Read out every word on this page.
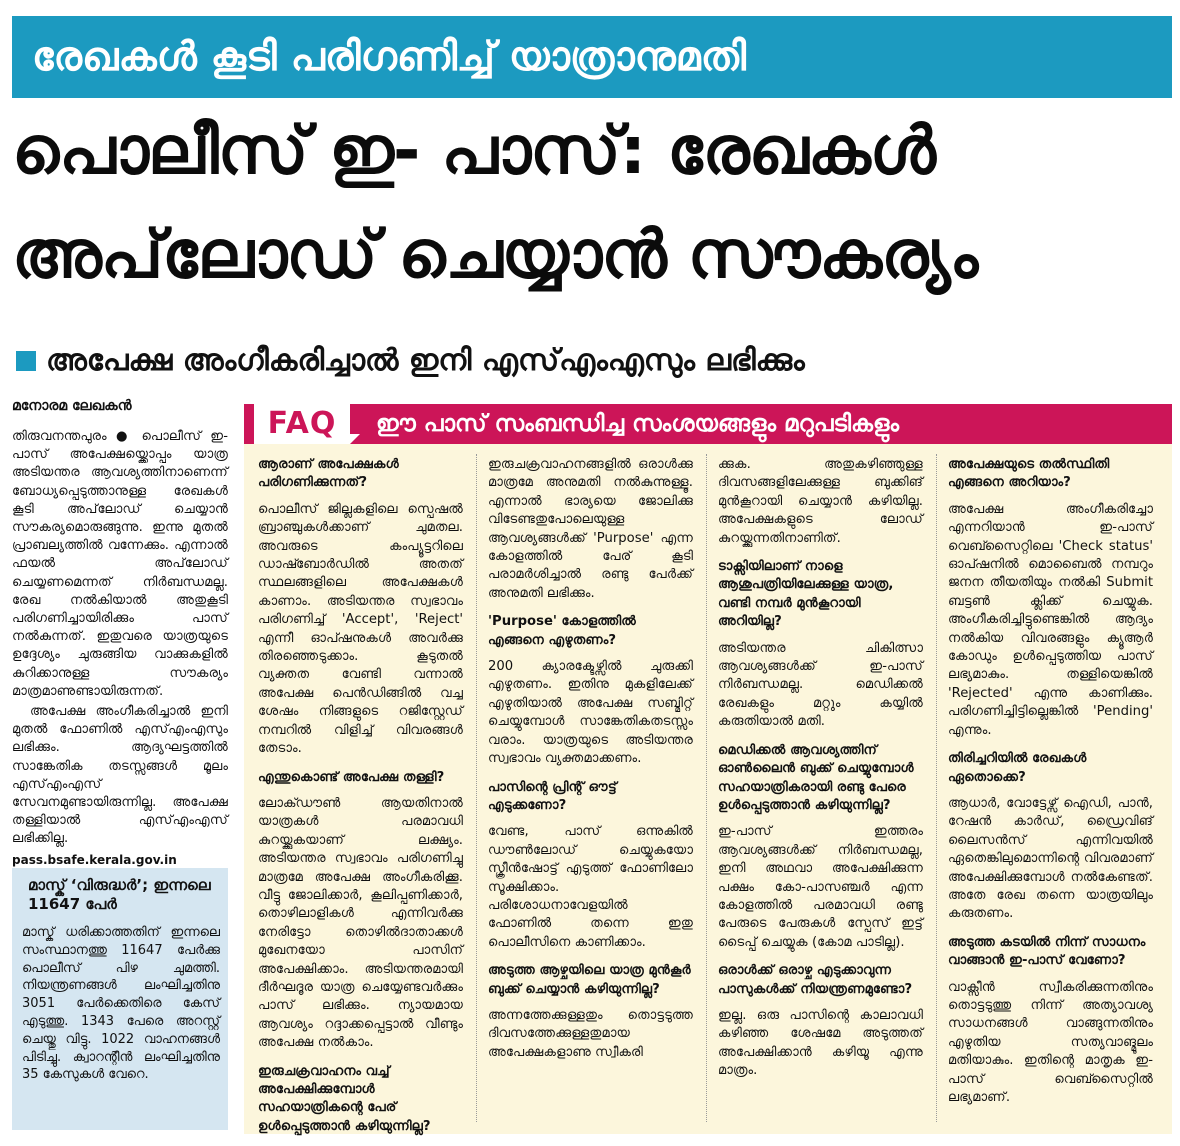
രേഖകൾ കൂടി പരിഗണിച്ച് യാത്രാനുമതി
പൊലീസ് ഇ- പാസ്: രേഖകൾ
അപ്‌ലോഡ് ചെയ്യാൻ സൗകര്യം
അപേക്ഷ അംഗീകരിച്ചാൽ ഇനി എസ്എംഎസും ലഭിക്കും
മനോരമ ലേഖകൻ

തിരുവനന്തപുരം ● പൊലീസ് ഇ-പാസ് അപേക്ഷയ്ക്കൊപ്പം യാത്ര അടിയന്തര ആവശ്യത്തിനാണെന്ന് ബോധ്യപ്പെടുത്താനുള്ള രേഖകൾ കൂടി അപ്‌ലോഡ് ചെയ്യാൻ സൗകര്യമൊരുങ്ങുന്നു. ഇന്നു മുതൽ പ്രാബല്യത്തിൽ വന്നേക്കും. എന്നാൽ ഫയൽ അപ്‌ലോഡ് ചെയ്യണമെന്നത് നിർബന്ധമല്ല. രേഖ നൽകിയാൽ അതുകൂടി പരിഗണിച്ചായിരിക്കും പാസ് നൽകുന്നത്. ഇതുവരെ യാത്രയുടെ ഉദ്ദേശ്യം ചുരുങ്ങിയ വാക്കുകളിൽ കുറിക്കാനുള്ള സൗകര്യം മാത്രമാണുണ്ടായിരുന്നത്.

അപേക്ഷ അംഗീകരിച്ചാൽ ഇനി മുതൽ ഫോണിൽ എസ്എംഎസും ലഭിക്കും. ആദ്യഘട്ടത്തിൽ സാങ്കേതിക തടസ്സങ്ങൾ മൂലം എസ്എംഎസ് സേവനമുണ്ടായിരുന്നില്ല. അപേക്ഷ തള്ളിയാൽ എസ്എംഎസ് ലഭിക്കില്ല.

pass.bsafe.kerala.gov.in

മാസ്ക് ‘വിരുദ്ധർ’; ഇന്നലെ 11647 പേർ
മാസ്ക് ധരിക്കാത്തതിന് ഇന്നലെ സംസ്ഥാനത്തു 11647 പേർക്കു പൊലീസ് പിഴ ചുമത്തി. നിയന്ത്രണങ്ങൾ ലംഘിച്ചതിനു 3051 പേർക്കെതിരെ കേസ് എടുത്തു. 1343 പേരെ അറസ്റ്റ് ചെയ്തു വിട്ടു. 1022 വാഹനങ്ങൾ പിടിച്ചു. ക്വാറന്റീൻ ലംഘിച്ചതിനു 35 കേസുകൾ വേറെ.
FAQ	ഈ പാസ് സംബന്ധിച്ച സംശയങ്ങളും മറുപടികളും
ആരാണ് അപേക്ഷകൾ പരിഗണിക്കുന്നത്?
പൊലീസ് ജില്ലകളിലെ സ്പെഷൽ ബ്രാഞ്ചുകൾക്കാണ് ചുമതല. അവരുടെ കംപ്യൂട്ടറിലെ ഡാഷ്ബോർഡിൽ അതത് സ്ഥലങ്ങളിലെ അപേക്ഷകൾ കാണാം. അടിയന്തര സ്വഭാവം പരിഗണിച്ച് 'Accept', 'Reject' എന്നീ ഓപ്ഷനുകൾ അവർക്കു തിരഞ്ഞെടുക്കാം. കൂടുതൽ വ്യക്തത വേണ്ടി വന്നാൽ അപേക്ഷ പെൻഡിങ്ങിൽ വച്ച ശേഷം നിങ്ങളുടെ റജിസ്റ്റേഡ് നമ്പറിൽ വിളിച്ച് വിവരങ്ങൾ തേടാം.
എന്തുകൊണ്ട് അപേക്ഷ തള്ളി?
ലോക്ഡൗൺ ആയതിനാൽ യാത്രകൾ പരമാവധി കുറയ്ക്കുകയാണ് ലക്ഷ്യം. അടിയന്തര സ്വഭാവം പരിഗണിച്ചു മാത്രമേ അപേക്ഷ അംഗീകരിക്കൂ. വീട്ടു ജോലിക്കാർ, കൂലിപ്പണിക്കാർ, തൊഴിലാളികൾ എന്നിവർക്കു നേരിട്ടോ തൊഴിൽദാതാക്കൾ മുഖേനയോ പാസിന് അപേക്ഷിക്കാം. അടിയന്തരമായി ദീർഘദൂര യാത്ര ചെയ്യേണ്ടവർക്കും പാസ് ലഭിക്കും. ന്യായമായ ആവശ്യം റദ്ദാക്കപ്പെട്ടാൽ വീണ്ടും അപേക്ഷ നൽകാം.
ഇരുചക്രവാഹനം വച്ച് അപേക്ഷിക്കുമ്പോൾ സഹയാത്രികന്റെ പേര് ഉൾപ്പെടുത്താൻ കഴിയുന്നില്ല?
ഇരുചക്രവാഹനങ്ങളിൽ ഒരാൾക്കു മാത്രമേ അനുമതി നൽകുന്നുള്ളൂ. എന്നാൽ ഭാര്യയെ ജോലിക്കു വിടേണ്ടതുപോലെയുള്ള ആവശ്യങ്ങൾക്ക് 'Purpose' എന്ന കോളത്തിൽ പേര് കൂടി പരാമർശിച്ചാൽ രണ്ടു പേർക്ക് അനുമതി ലഭിക്കും.
'Purpose' കോളത്തിൽ എങ്ങനെ എഴുതണം?
200 ക്യാരക്ടേഴ്സിൽ ചുരുക്കി എഴുതണം. ഇതിനു മുകളിലേക്ക് എഴുതിയാൽ അപേക്ഷ സബ്മിറ്റ് ചെയ്യുമ്പോൾ സാങ്കേതികതടസ്സം വരാം. യാത്രയുടെ അടിയന്തര സ്വഭാവം വ്യക്തമാക്കണം.
പാസിന്റെ പ്രിന്റ് ഔട്ട് എടുക്കണോ?
വേണ്ട, പാസ് ഒന്നുകിൽ ഡൗൺലോഡ് ചെയ്യുകയോ സ്ക്രീൻഷോട്ട് എടുത്ത് ഫോണിലോ സൂക്ഷിക്കാം. പരിശോധനാവേളയിൽ ഫോണിൽ തന്നെ ഇതു പൊലീസിനെ കാണിക്കാം.
അടുത്ത ആഴ്ചയിലെ യാത്ര മുൻകൂർ ബുക്ക് ചെയ്യാൻ കഴിയുന്നില്ല?
അന്നത്തേക്കുള്ളതും തൊട്ടടുത്ത ദിവസത്തേക്കുള്ളതുമായ അപേക്ഷകളാണു സ്വീകരി
ക്കുക. അതുകഴിഞ്ഞുള്ള ദിവസങ്ങളിലേക്കുള്ള ബുക്കിങ് മുൻകൂറായി ചെയ്യാൻ കഴിയില്ല. അപേക്ഷകളുടെ ലോഡ് കുറയ്ക്കുന്നതിനാണിത്.
ടാക്സിയിലാണ് നാളെ ആശുപത്രിയിലേക്കുള്ള യാത്ര, വണ്ടി നമ്പർ മുൻകൂറായി അറിയില്ല?
അടിയന്തര ചികിത്സാ ആവശ്യങ്ങൾക്ക് ഇ-പാസ് നിർബന്ധമല്ല. മെഡിക്കൽ രേഖകളും മറ്റും കയ്യിൽ കരുതിയാൽ മതി.
മെഡിക്കൽ ആവശ്യത്തിന് ഓൺലൈൻ ബുക്ക് ചെയ്യുമ്പോൾ സഹയാത്രികരായി രണ്ടു പേരെ ഉൾപ്പെടുത്താൻ കഴിയുന്നില്ല?
ഇ-പാസ് ഇത്തരം ആവശ്യങ്ങൾക്ക് നിർബന്ധമല്ല, ഇനി അഥവാ അപേക്ഷിക്കുന്ന പക്ഷം കോ-പാസഞ്ചർ എന്ന കോളത്തിൽ പരമാവധി രണ്ടു പേരുടെ പേരുകൾ സ്പേസ് ഇട്ട് ടൈപ്പ് ചെയ്യുക (കോമ പാടില്ല).
ഒരാൾക്ക് ഒരാഴ്ച എടുക്കാവുന്ന പാസുകൾക്ക് നിയന്ത്രണമുണ്ടോ?
ഇല്ല. ഒരു പാസിന്റെ കാലാവധി കഴിഞ്ഞ ശേഷമേ അടുത്തത് അപേക്ഷിക്കാൻ കഴിയൂ എന്നു മാത്രം.
അപേക്ഷയുടെ തൽസ്ഥിതി എങ്ങനെ അറിയാം?
അപേക്ഷ അംഗീകരിച്ചോ എന്നറിയാൻ ഇ-പാസ് വെബ്സൈറ്റിലെ 'Check status' ഓപ്ഷനിൽ മൊബൈൽ നമ്പറും ജനന തീയതിയും നൽകി Submit ബട്ടൺ ക്ലിക്ക് ചെയ്യുക. അംഗീകരിച്ചിട്ടുണ്ടെങ്കിൽ ആദ്യം നൽകിയ വിവരങ്ങളും ക്യൂആർ കോഡും ഉൾപ്പെടുത്തിയ പാസ് ലഭ്യമാകും. തള്ളിയെങ്കിൽ 'Rejected' എന്നു കാണിക്കും. പരിഗണിച്ചിട്ടില്ലെങ്കിൽ 'Pending' എന്നും.
തിരിച്ചറിയിൽ രേഖകൾ ഏതൊക്കെ?
ആധാർ, വോട്ടേഴ്സ് ഐഡി, പാൻ, റേഷൻ കാർഡ്, ഡ്രൈവിങ് ലൈസൻസ് എന്നിവയിൽ ഏതെങ്കിലുമൊന്നിന്റെ വിവരമാണ് അപേക്ഷിക്കുമ്പോൾ നൽകേണ്ടത്. അതേ രേഖ തന്നെ യാത്രയിലും കരുതണം.
അടുത്ത കടയിൽ നിന്ന് സാധനം വാങ്ങാൻ ഇ-പാസ് വേണോ?
വാക്സീൻ സ്വീകരിക്കുന്നതിനും തൊട്ടടുത്തു നിന്ന് അത്യാവശ്യ സാധനങ്ങൾ വാങ്ങുന്നതിനും എഴുതിയ സത്യവാങ്മൂലം മതിയാകും. ഇതിന്റെ മാതൃക ഇ-പാസ് വെബ്സൈറ്റിൽ ലഭ്യമാണ്.
